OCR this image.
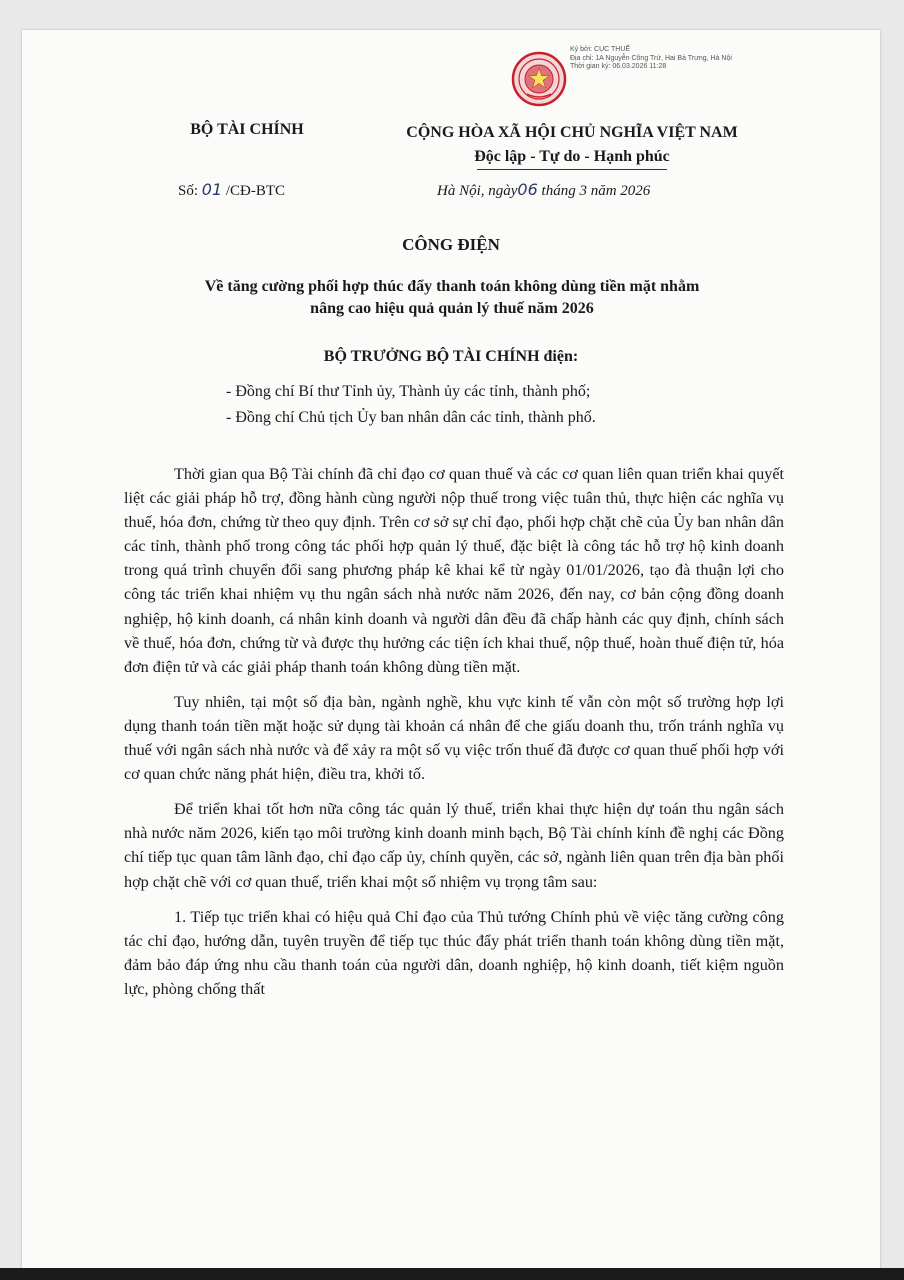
Ký bởi: CỤC THUẾ
Địa chỉ: 1A Nguyễn Công Trứ, Hai Bà Trưng, Hà Nội
Thời gian ký: 06.03.2026 11:28
BỘ TÀI CHÍNH	CỘNG HÒA XÃ HỘI CHỦ NGHĨA VIỆT NAM
Độc lập - Tự do - Hạnh phúc
Số: 01 /CĐ-BTC	Hà Nội, ngày06 tháng 3 năm 2026
CÔNG ĐIỆN
Về tăng cường phối hợp thúc đẩy thanh toán không dùng tiền mặt nhằm
nâng cao hiệu quả quản lý thuế năm 2026
BỘ TRƯỞNG BỘ TÀI CHÍNH điện:
- Đồng chí Bí thư Tỉnh ủy, Thành ủy các tỉnh, thành phố;
- Đồng chí Chủ tịch Ủy ban nhân dân các tỉnh, thành phố.

Thời gian qua Bộ Tài chính đã chỉ đạo cơ quan thuế và các cơ quan liên quan triển khai quyết liệt các giải pháp hỗ trợ, đồng hành cùng người nộp thuế trong việc tuân thủ, thực hiện các nghĩa vụ thuế, hóa đơn, chứng từ theo quy định. Trên cơ sở sự chỉ đạo, phối hợp chặt chẽ của Ủy ban nhân dân các tỉnh, thành phố trong công tác phối hợp quản lý thuế, đặc biệt là công tác hỗ trợ hộ kinh doanh trong quá trình chuyển đổi sang phương pháp kê khai kể từ ngày 01/01/2026, tạo đà thuận lợi cho công tác triển khai nhiệm vụ thu ngân sách nhà nước năm 2026, đến nay, cơ bản cộng đồng doanh nghiệp, hộ kinh doanh, cá nhân kinh doanh và người dân đều đã chấp hành các quy định, chính sách về thuế, hóa đơn, chứng từ và được thụ hưởng các tiện ích khai thuế, nộp thuế, hoàn thuế điện tử, hóa đơn điện tử và các giải pháp thanh toán không dùng tiền mặt.

Tuy nhiên, tại một số địa bàn, ngành nghề, khu vực kinh tế vẫn còn một số trường hợp lợi dụng thanh toán tiền mặt hoặc sử dụng tài khoản cá nhân để che giấu doanh thu, trốn tránh nghĩa vụ thuế với ngân sách nhà nước và để xảy ra một số vụ việc trốn thuế đã được cơ quan thuế phối hợp với cơ quan chức năng phát hiện, điều tra, khởi tố.

Để triển khai tốt hơn nữa công tác quản lý thuế, triển khai thực hiện dự toán thu ngân sách nhà nước năm 2026, kiến tạo môi trường kinh doanh minh bạch, Bộ Tài chính kính đề nghị các Đồng chí tiếp tục quan tâm lãnh đạo, chỉ đạo cấp ủy, chính quyền, các sở, ngành liên quan trên địa bàn phối hợp chặt chẽ với cơ quan thuế, triển khai một số nhiệm vụ trọng tâm sau:

1. Tiếp tục triển khai có hiệu quả Chỉ đạo của Thủ tướng Chính phủ về việc tăng cường công tác chỉ đạo, hướng dẫn, tuyên truyền để tiếp tục thúc đẩy phát triển thanh toán không dùng tiền mặt, đảm bảo đáp ứng nhu cầu thanh toán của người dân, doanh nghiệp, hộ kinh doanh, tiết kiệm nguồn lực, phòng chống thất
